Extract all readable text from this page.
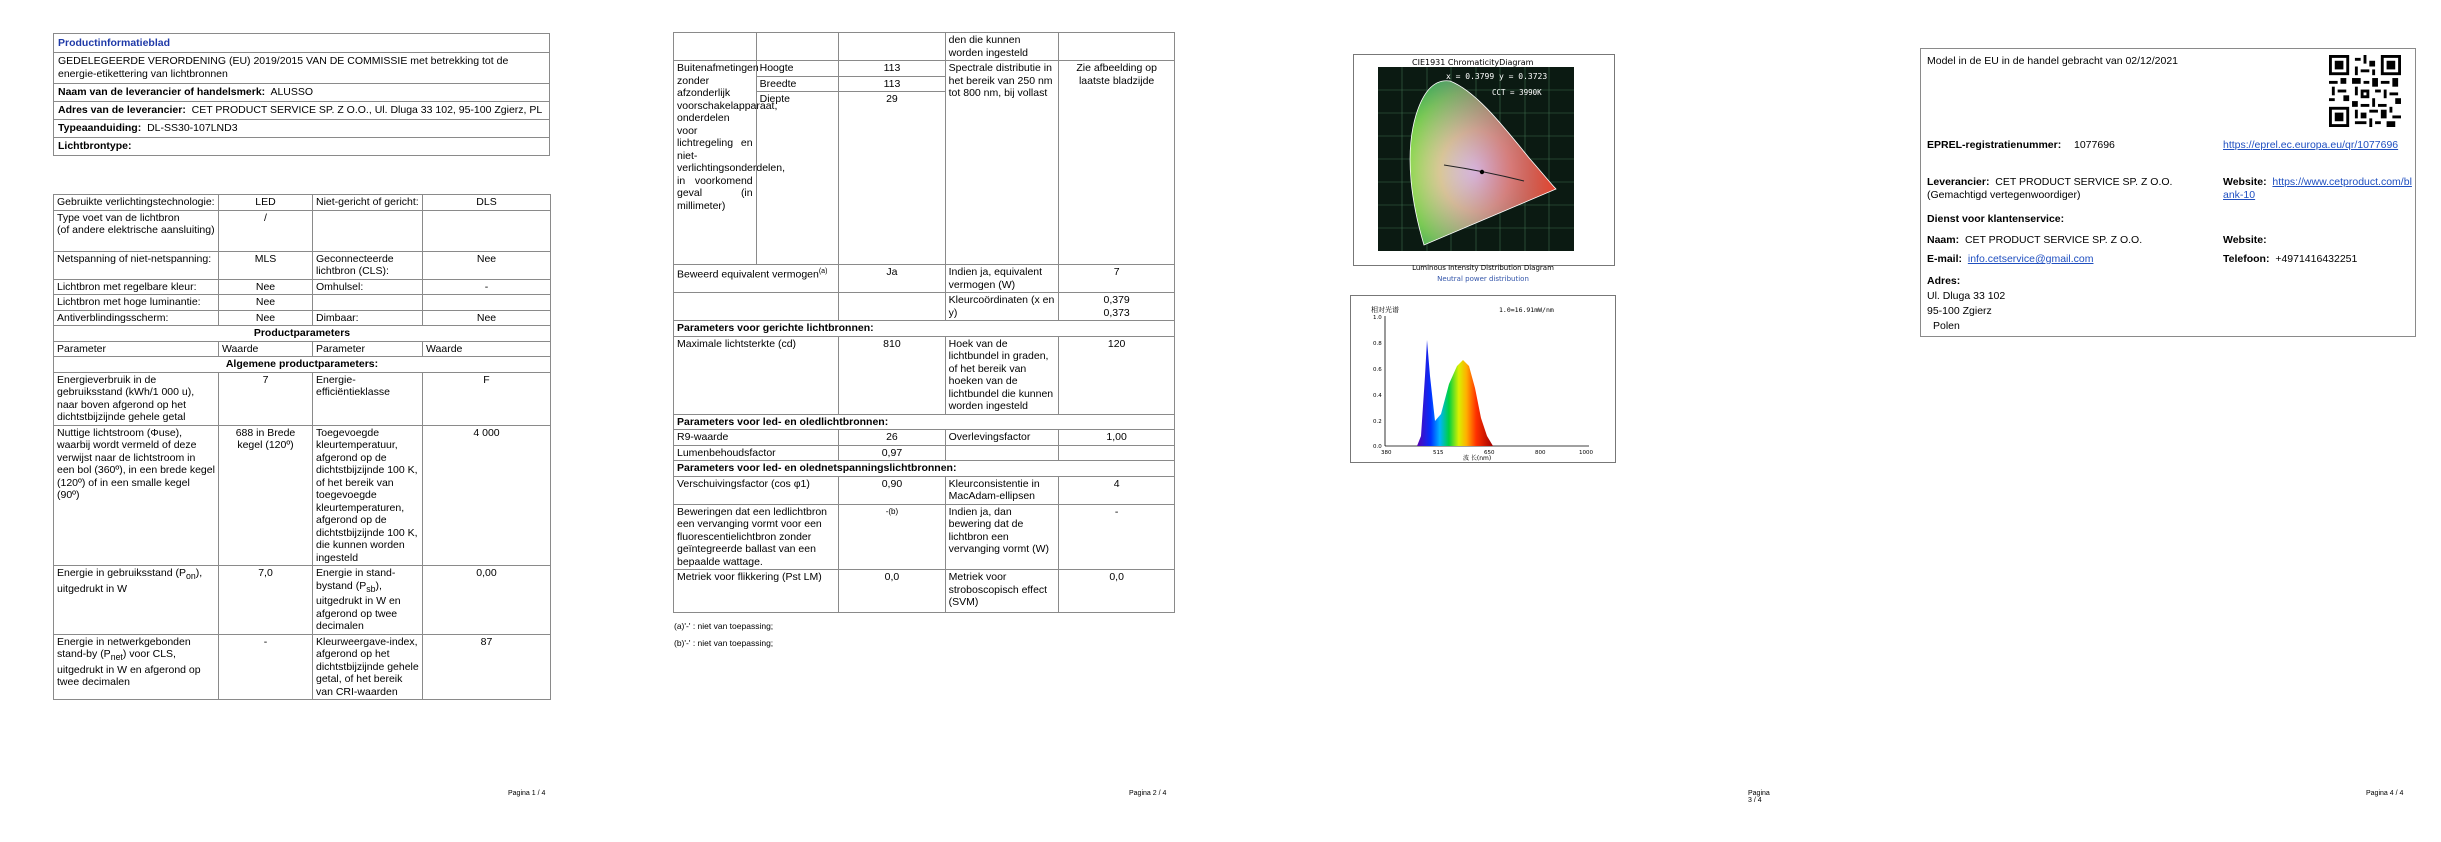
Productinformatieblad
GEDELEGEERDE VERORDENING (EU) 2019/2015 VAN DE COMMISSIE met betrekking tot de energie-etikettering van lichtbronnen
Naam van de leverancier of handelsmerk: ALUSSO
Adres van de leverancier: CET PRODUCT SERVICE SP. Z O.O., Ul. Dluga 33 102, 95-100 Zgierz, PL
Typeaanduiding: DL-SS30-107LND3
Lichtbrontype:
Gebruikte verlichtingstechnologie:	LED	Niet-gericht of gericht:	DLS
Type voet van de lichtbron
(of andere elektrische aansluiting)	/		
Netspanning of niet-netspanning:	MLS	Geconnecteerde lichtbron (CLS):	Nee
Lichtbron met regelbare kleur:	Nee	Omhulsel:	-
Lichtbron met hoge luminantie:	Nee		
Antiverblindingsscherm:	Nee	Dimbaar:	Nee
Productparameters			
Parameter	Waarde	Parameter	Waarde
Algemene productparameters:			
Energieverbruik in de gebruiksstand (kWh/1 000 u), naar boven afgerond op het dichtstbijzijnde gehele getal	7	Energie-efficiëntieklasse	F
Nuttige lichtstroom (Φuse), waarbij wordt vermeld of deze verwijst naar de lichtstroom in een bol (360º), in een brede kegel (120º) of in een smalle kegel (90º)	688 in Brede kegel (120º)	Toegevoegde kleurtemperatuur, afgerond op de dichtstbijzijnde 100 K, of het bereik van toegevoegde kleurtemperaturen, afgerond op de dichtstbijzijnde 100 K, die kunnen worden ingesteld	4 000
Energie in gebruiksstand $(P_{on})$, uitgedrukt in W	7,0	Energie in stand-bystand $(P_{sb})$, uitgedrukt in W en afgerond op twee decimalen	0,00
Energie in netwerkgebonden stand-by $(P_{net})$ voor CLS, uitgedrukt in W en afgerond op twee decimalen	-	Kleurweergave-index, afgerond op het dichtstbijzijnde gehele getal, of het bereik van CRI-waarden	87
Pagina 1 / 4
			den die kunnen worden ingesteld	
Buitenafmetingen zonder afzonderlijk voorschakelapparaat, onderdelen voor lichtregeling en niet-verlichtingsonderdelen, in voorkomend geval (in millimeter)	Hoogte	113	Spectrale distributie in het bereik van 250 nm tot 800 nm, bij vollast	Zie afbeelding op laatste bladzijde
	Breedte	113		
	Diepte	29		
Beweerd equivalent vermogen$^{(a)}$		Ja	Indien ja, equivalent vermogen (W)	7
			Kleurcoördinaten (x en y)	0,379
0,373
Parameters voor gerichte lichtbronnen:				
Maximale lichtsterkte (cd)		810	Hoek van de lichtbundel in graden, of het bereik van hoeken van de lichtbundel die kunnen worden ingesteld	120
Parameters voor led- en oledlichtbronnen:				
R9-waarde		26	Overlevingsfactor	1,00
Lumenbehoudsfactor		0,97		
Parameters voor led- en olednetspanningslichtbronnen:				
Verschuivingsfactor (cos φ1)		0,90	Kleurconsistentie in MacAdam-ellipsen	4
Beweringen dat een ledlichtbron een vervanging vormt voor een fluorescentielichtbron zonder geïntegreerde ballast van een bepaalde wattage.		-(b)	Indien ja, dan bewering dat de lichtbron een vervanging vormt (W)	-
Metriek voor flikkering (Pst LM)		0,0	Metriek voor stroboscopisch effect (SVM)	0,0
(a)'-' : niet van toepassing;
(b)'-' : niet van toepassing;
Pagina 2 / 4
CIE1931 ChromaticityDiagram
x = 0.3799 y = 0.3723
CCT = 3990K
Luminous Intensity Distribution Diagram
Neutral power distribution
相对光谱	1.0=16.91mW/nm
1.0
0.8
0.6
0.4
0.2
0.0
380	515	650	800	1000
波 长(nm)
Pagina 3 / 4
Model in de EU in de handel gebracht van 02/12/2021
EPREL-registratienummer: 1077696	https://eprel.ec.europa.eu/qr/1077696
Leverancier: CET PRODUCT SERVICE SP. Z O.O. (Gemachtigd vertegenwoordiger)
Website: https://www.cetproduct.com/blank-10
Dienst voor klantenservice:
Naam: CET PRODUCT SERVICE SP. Z O.O.	Website:
E-mail: info.cetservice@gmail.com	Telefoon: +4971416432251
Adres:
Ul. Dluga 33 102
95-100 Zgierz
Polen
Pagina 4 / 4
